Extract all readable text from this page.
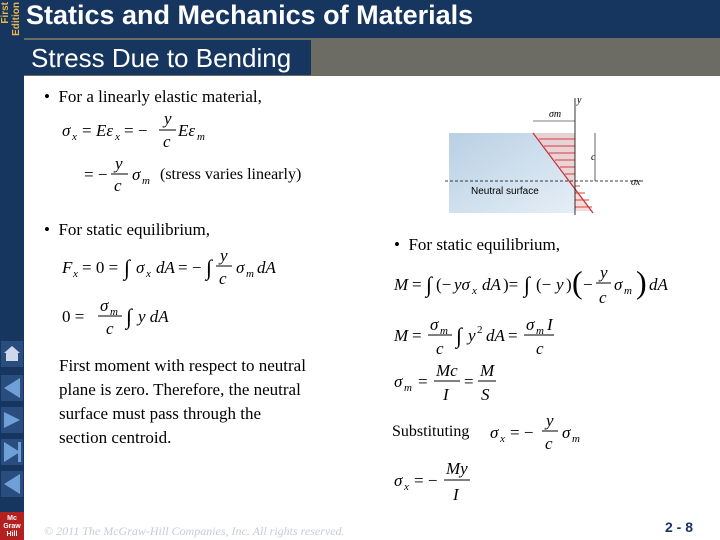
First Edition Statics and Mechanics of Materials
Stress Due to Bending
•  For a linearly elastic material,
σ x = Eε x = −
y
c
Eε m
= −
y
c
σ m (stress varies linearly)
y
σm
c
σx
Neutral surface
•  For static equilibrium,
F x = 0 = ∫ σ x dA = − ∫ y
c
σ m dA
0 =
σ m
c ∫ y dA
First moment with respect to neutral
plane is zero. Therefore, the neutral
surface must pass through the
section centroid.
•  For static equilibrium,
M = ∫ (− yσ x dA )= ∫ (− y ) ( −
y
c
σ m ) dA
M =
σ m
c
∫ y 2 dA =
σ m I
c
σ m =
Mc
I
=
M
S
Substituting σ x = −
y
c
σ m
σ x = −
My
I
Mc
Graw
Hill	© 2011 The McGraw-Hill Companies, Inc. All rights reserved.	2 - 8
